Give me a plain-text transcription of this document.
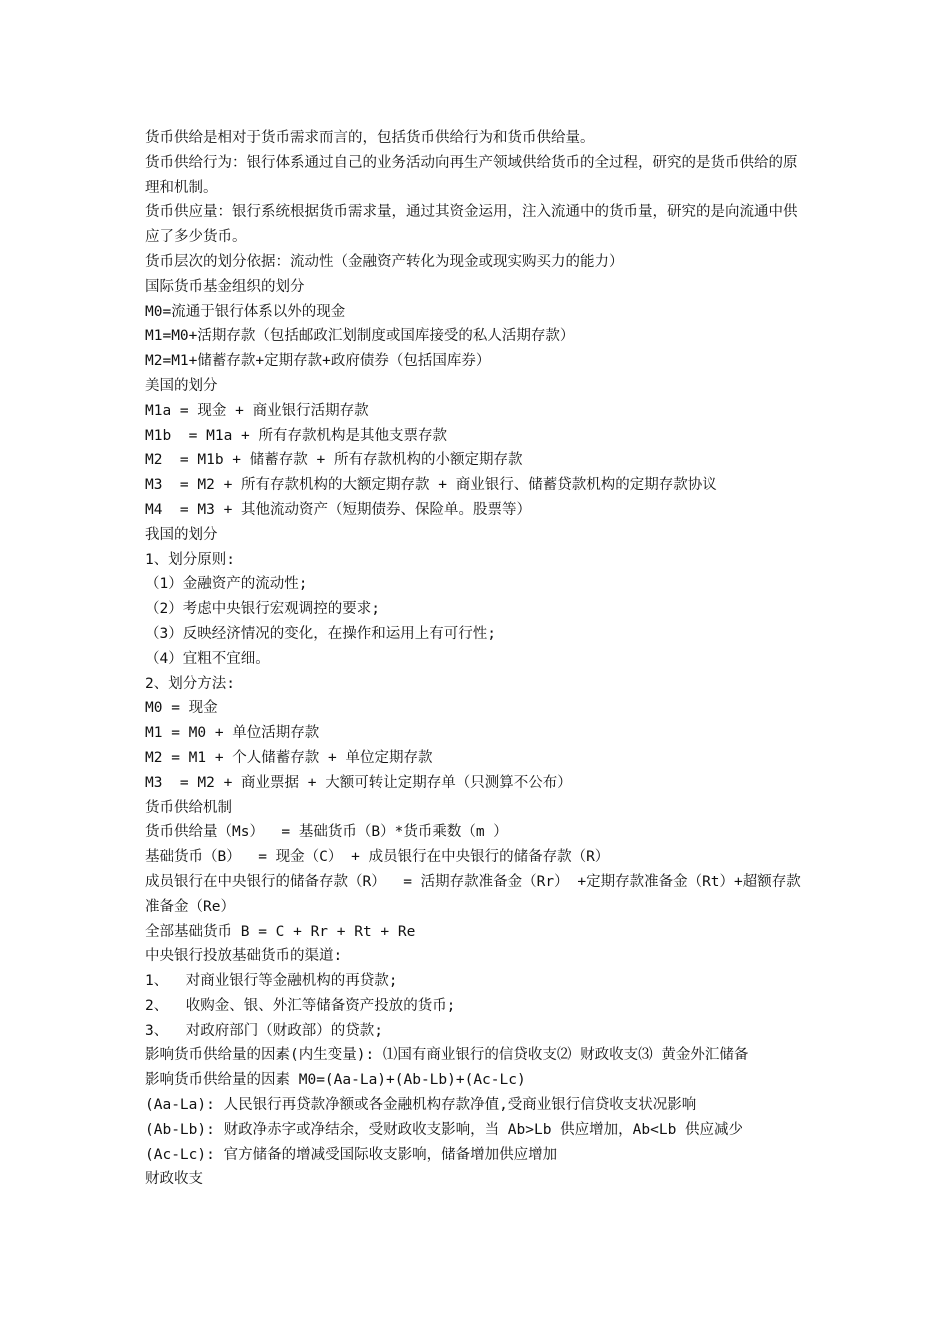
货币供给是相对于货币需求而言的，包括货币供给行为和货币供给量。

货币供给行为：银行体系通过自己的业务活动向再生产领域供给货币的全过程，研究的是货币供给的原理和机制。

货币供应量：银行系统根据货币需求量，通过其资金运用，注入流通中的货币量，研究的是向流通中供应了多少货币。

货币层次的划分依据：流动性（金融资产转化为现金或现实购买力的能力）

国际货币基金组织的划分

M0=流通于银行体系以外的现金

M1=M0+活期存款（包括邮政汇划制度或国库接受的私人活期存款）

M2=M1+储蓄存款+定期存款+政府债券（包括国库券）

美国的划分

M1a = 现金 + 商业银行活期存款

M1b  = M1a + 所有存款机构是其他支票存款

M2  = M1b + 储蓄存款 + 所有存款机构的小额定期存款

M3  = M2 + 所有存款机构的大额定期存款 + 商业银行、储蓄贷款机构的定期存款协议

M4  = M3 + 其他流动资产（短期债券、保险单。股票等）

我国的划分

1、划分原则:

（1）金融资产的流动性;

（2）考虑中央银行宏观调控的要求;

（3）反映经济情况的变化，在操作和运用上有可行性;

（4）宜粗不宜细。

2、划分方法:

M0 = 现金

M1 = M0 + 单位活期存款

M2 = M1 + 个人储蓄存款 + 单位定期存款

M3  = M2 + 商业票据 + 大额可转让定期存单（只测算不公布）

货币供给机制

货币供给量（Ms）  = 基础货币（B）*货币乘数（m ）

基础货币（B）  = 现金（C） + 成员银行在中央银行的储备存款（R）

成员银行在中央银行的储备存款（R）  = 活期存款准备金（Rr） +定期存款准备金（Rt）+超额存款准备金（Re）

全部基础货币 B = C + Rr + Rt + Re

中央银行投放基础货币的渠道:

1、  对商业银行等金融机构的再贷款;

2、  收购金、银、外汇等储备资产投放的货币;

3、  对政府部门（财政部）的贷款;

影响货币供给量的因素(内生变量): ⑴国有商业银行的信贷收支⑵ 财政收支⑶ 黄金外汇储备

影响货币供给量的因素 M0=(Aa-La)+(Ab-Lb)+(Ac-Lc)

(Aa-La): 人民银行再贷款净额或各金融机构存款净值,受商业银行信贷收支状况影响

(Ab-Lb): 财政净赤字或净结余，受财政收支影响，当 Ab>Lb 供应增加，Ab<Lb 供应减少

(Ac-Lc): 官方储备的增减受国际收支影响，储备增加供应增加

财政收支
